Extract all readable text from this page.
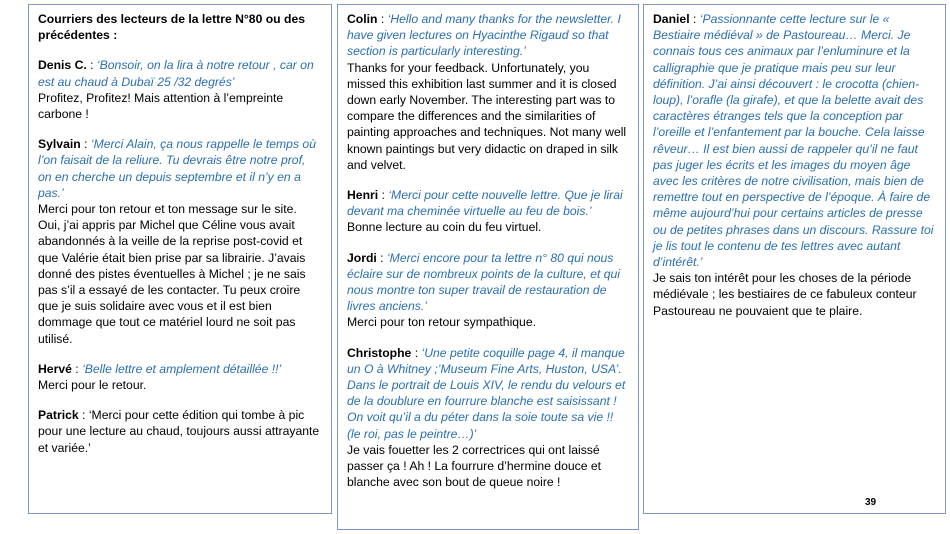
Courriers des lecteurs de la lettre N°80 ou des précédentes :
Denis C. : ‘Bonsoir, on la lira à notre retour , car on est au chaud à Dubaï 25 /32 degrés’
Profitez, Profitez! Mais attention à l’empreinte carbone !
Sylvain : ‘Merci Alain, ça nous rappelle le temps où l’on faisait de la reliure. Tu devrais être notre prof, on en cherche un depuis septembre et il n’y en a pas.’
Merci pour ton retour et ton message sur le site. Oui, j’ai appris par Michel que Céline vous avait abandonnés à la veille de la reprise post-covid et que Valérie était bien prise par sa librairie. J’avais donné des pistes éventuelles à Michel ; je ne sais pas s’il a essayé de les contacter. Tu peux croire que je suis solidaire avec vous et il est bien dommage que tout ce matériel lourd ne soit pas utilisé.
Hervé : ‘Belle lettre et amplement détaillée !!’
Merci pour le retour.
Patrick : ‘Merci pour cette édition qui tombe à pic pour une lecture au chaud, toujours aussi attrayante et variée.’
Colin : ‘Hello and many thanks for the newsletter. I have given lectures on Hyacinthe Rigaud so that section is particularly interesting.’
Thanks for your feedback. Unfortunately, you missed this exhibition last summer and it is closed down early November. The interesting part was to compare the differences and the similarities of painting approaches and techniques. Not many well known paintings but very didactic on draped in silk and velvet.
Henri : ‘Merci pour cette nouvelle lettre. Que je lirai devant ma cheminée virtuelle au feu de bois.’
Bonne lecture au coin du feu virtuel.
Jordi : ‘Merci encore pour ta lettre n° 80 qui nous éclaire sur de nombreux points de la culture, et qui nous montre ton super travail de restauration de livres anciens.’
Merci pour ton retour sympathique.
Christophe : ‘Une petite coquille page 4, il manque un O à Whitney ;’Museum Fine Arts, Huston, USA’. Dans le portrait de Louis XIV, le rendu du velours et de la doublure en fourrure blanche est saisissant ! On voit qu’il a du péter dans la soie toute sa vie !! (le roi, pas le peintre…)’
Je vais fouetter les 2 correctrices qui ont laissé passer ça ! Ah ! La fourrure d’hermine douce et blanche avec son bout de queue noire !
Daniel : ‘Passionnante cette lecture sur le « Bestiaire médiéval » de Pastoureau… Merci. Je connais tous ces animaux par l’enluminure et la calligraphie que je pratique mais peu sur leur définition. J’ai ainsi découvert : le crocotta (chien-loup), l’orafle (la girafe), et que la belette avait des caractères étranges tels que la conception par l’oreille et l’enfantement par la bouche. Cela laisse rêveur… Il est bien aussi de rappeler qu’il ne faut pas juger les écrits et les images du moyen âge avec les critères de notre civilisation, mais bien de remettre tout en perspective de l’époque. À faire de même aujourd’hui pour certains articles de presse ou de petites phrases dans un discours. Rassure toi je lis tout le contenu de tes lettres avec autant d’intérêt.’
Je sais ton intérêt pour les choses de la période médiévale ; les bestiaires de ce fabuleux conteur Pastoureau ne pouvaient que te plaire.
39
